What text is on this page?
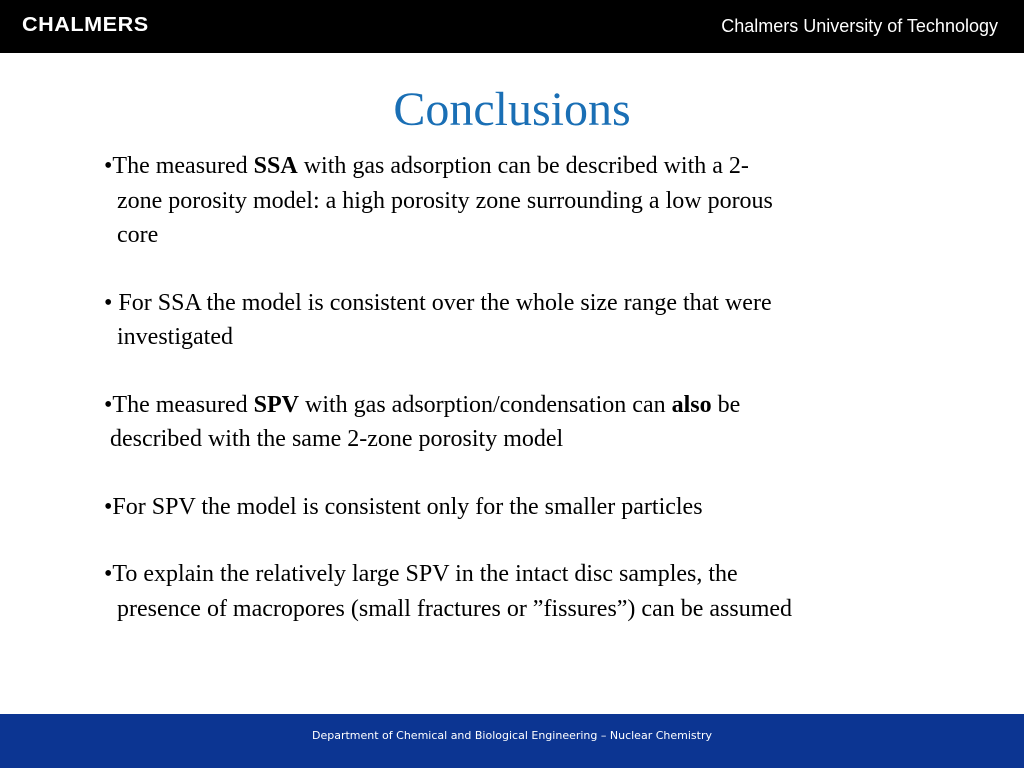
CHALMERS	Chalmers University of Technology
Conclusions
•The measured SSA with gas adsorption can be described with a 2-
zone porosity model: a high porosity zone surrounding a low porous
core
• For SSA the model is consistent over the whole size range that were
investigated
•The measured SPV with gas adsorption/condensation can also be
described with the same 2-zone porosity model
•For SPV the model is consistent only for the smaller particles
•To explain the relatively large SPV in the intact disc samples, the
presence of macropores (small fractures or ”fissures”) can be assumed
Department of Chemical and Biological Engineering – Nuclear Chemistry
